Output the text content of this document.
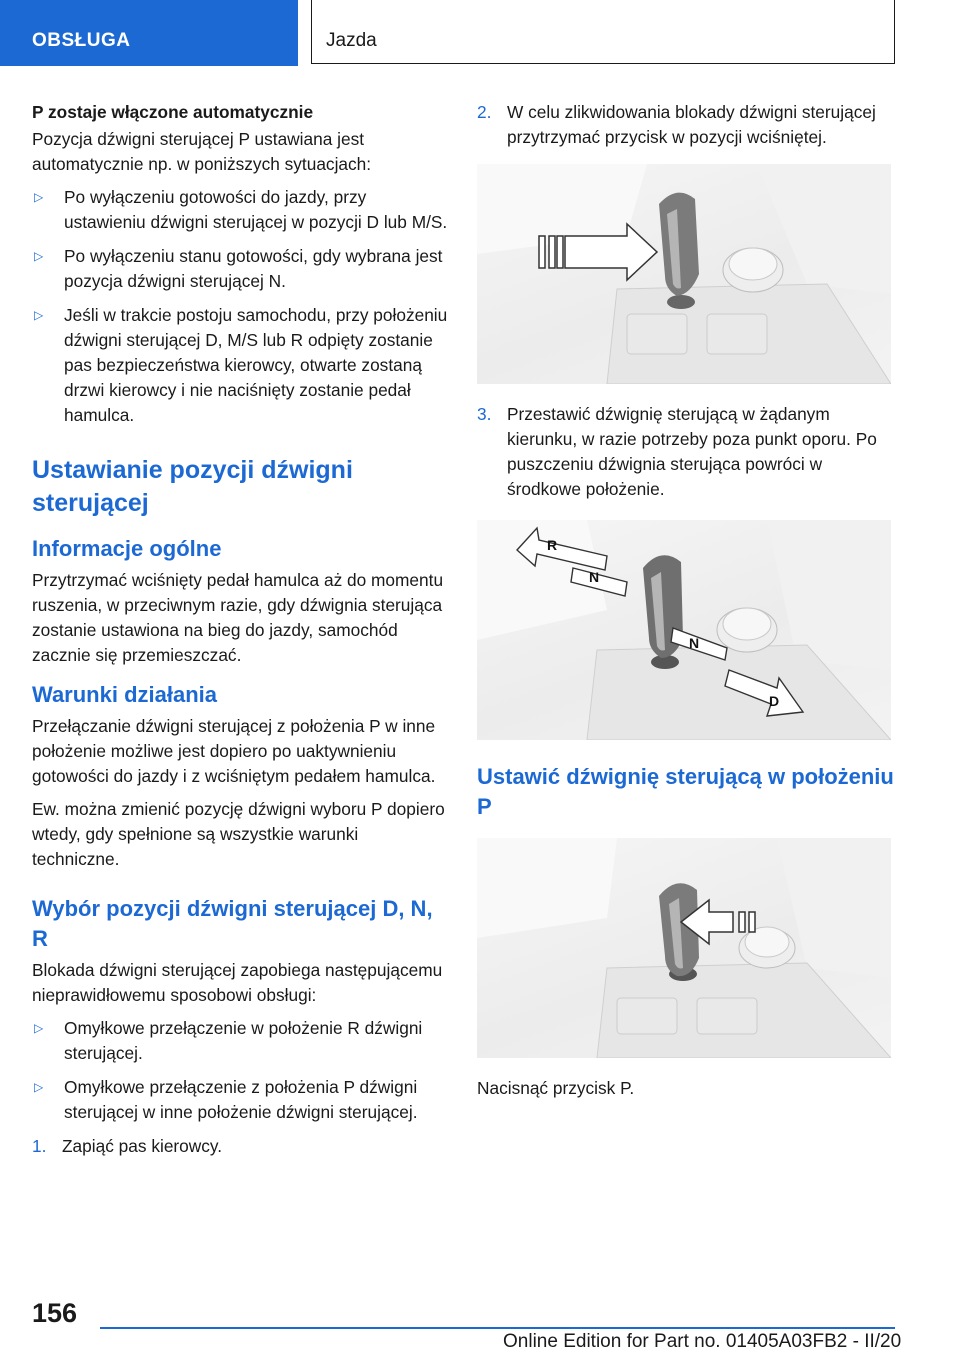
OBSŁUGA	Jazda
P zostaje włączone automatycznie

Pozycja dźwigni sterującej P ustawiana jest automatycznie np. w poniższych sytuacjach:

▷	Po wyłączeniu gotowości do jazdy, przy ustawieniu dźwigni sterującej w pozycji D lub M/S.
▷	Po wyłączeniu stanu gotowości, gdy wybrana jest pozycja dźwigni sterującej N.
▷	Jeśli w trakcie postoju samochodu, przy położeniu dźwigni sterującej D, M/S lub R odpięty zostanie pas bezpieczeństwa kierowcy, otwarte zostaną drzwi kierowcy i nie naciśnięty zostanie pedał hamulca.
Ustawianie pozycji dźwigni sterującej
Informacje ogólne

Przytrzymać wciśnięty pedał hamulca aż do momentu ruszenia, w przeciwnym razie, gdy dźwignia sterująca zostanie ustawiona na bieg do jazdy, samochód zacznie się przemieszczać.

Warunki działania

Przełączanie dźwigni sterującej z położenia P w inne położenie możliwe jest dopiero po uaktywnieniu gotowości do jazdy i z wciśniętym pedałem hamulca.

Ew. można zmienić pozycję dźwigni wyboru P dopiero wtedy, gdy spełnione są wszystkie warunki techniczne.

Wybór pozycji dźwigni sterującej D, N, R

Blokada dźwigni sterującej zapobiega następującemu nieprawidłowemu sposobowi obsługi:

▷	Omyłkowe przełączenie w położenie R dźwigni sterującej.
▷	Omyłkowe przełączenie z położenia P dźwigni sterującej w inne położenie dźwigni sterującej.
1. Zapiąć pas kierowcy.
2. W celu zlikwidowania blokady dźwigni sterującej przytrzymać przycisk w pozycji wciśniętej.
3. Przestawić dźwignię sterującą w żądanym kierunku, w razie potrzeby poza punkt oporu. Po puszczeniu dźwignia sterująca powróci w środkowe położenie.
R
N
N
D
Ustawić dźwignię sterującą w położeniu P
Nacisnąć przycisk P.
156
Online Edition for Part no. 01405A03FB2 - II/20
